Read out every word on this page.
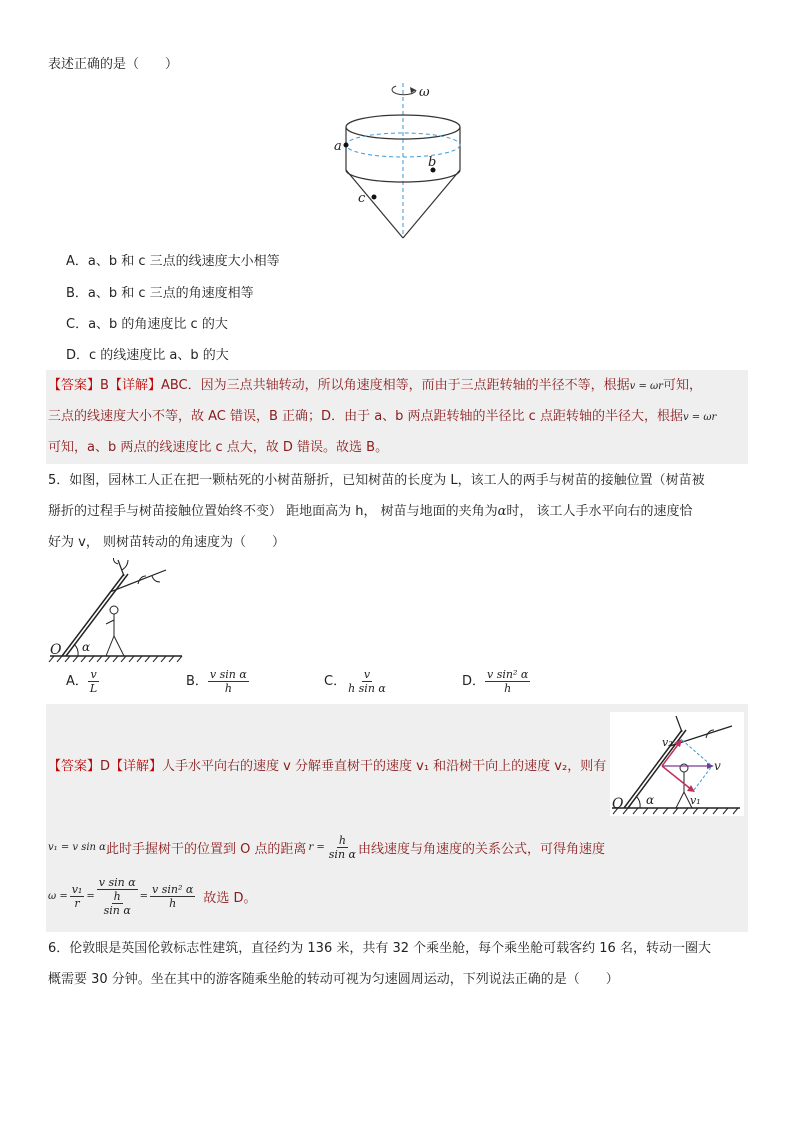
表述正确的是（　　）
ω
a
b
c
A．a、b 和 c 三点的线速度大小相等
B．a、b 和 c 三点的角速度相等
C．a、b 的角速度比 c 的大
D．c 的线速度比 a、b 的大
【答案】B【详解】ABC．因为三点共轴转动，所以角速度相等，而由于三点距转轴的半径不等，根据v = ωr可知，
三点的线速度大小不等，故 AC 错误，B 正确；D．由于 a、b 两点距转轴的半径比 c 点距转轴的半径大，根据v = ωr
可知，a、b 两点的线速度比 c 点大，故 D 错误。故选 B。
5．如图，园林工人正在把一颗枯死的小树苗掰折，已知树苗的长度为 L，该工人的两手与树苗的接触位置（树苗被
掰折的过程手与树苗接触位置始终不变） 距地面高为 h， 树苗与地面的夹角为α时， 该工人手水平向右的速度恰
好为 v， 则树苗转动的角速度为（　　）
O α
A． $\frac{v}{L}$	B． $\frac{\text{v sin α}}{h}$	C． $\frac{v}{\text{h sin α}}$	D． $\frac{\text{v sin² α}}{h}$
【答案】D【详解】人手水平向右的速度 v 分解垂直树干的速度 v₁ 和沿树干向上的速度 v₂，则有
O α
v
v₁
v₂
v₁ = v sin α 此时手握树干的位置到 O 点的距离 $r = \frac{h}{\text{sin α}}$ 由线速度与角速度的关系公式，可得角速度
$\omega = \frac{\text{v₁}}{r} = v$ sin α
h
$\sin \alpha = \frac{\text{v sin² α}}{h}$ 故选 D。
6．伦敦眼是英国伦敦标志性建筑，直径约为 136 米，共有 32 个乘坐舱，每个乘坐舱可载客约 16 名，转动一圈大
概需要 30 分钟。坐在其中的游客随乘坐舱的转动可视为匀速圆周运动，下列说法正确的是（　　）
